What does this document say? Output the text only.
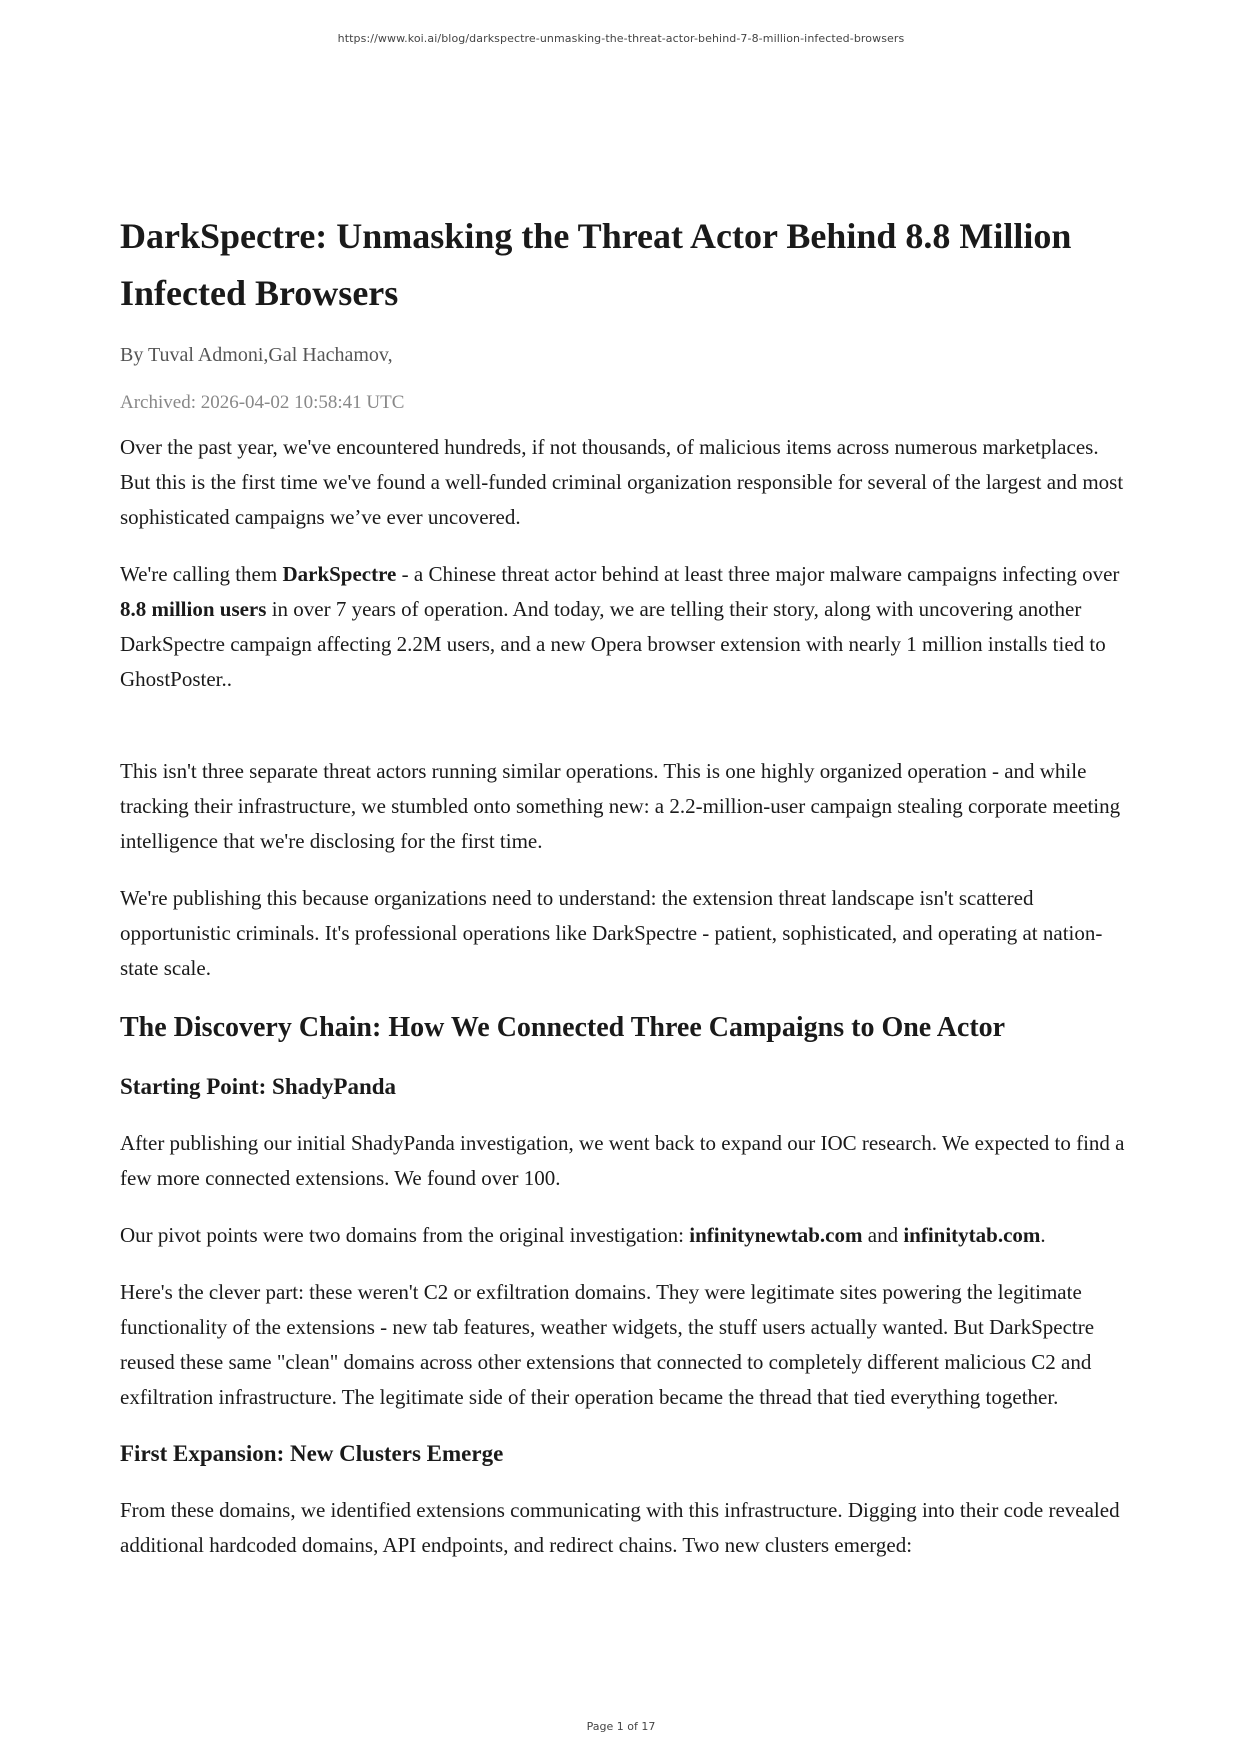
https://www.koi.ai/blog/darkspectre-unmasking-the-threat-actor-behind-7-8-million-infected-browsers
DarkSpectre: Unmasking the Threat Actor Behind 8.8 Million Infected Browsers
By Tuval Admoni,Gal Hachamov,
Archived: 2026-04-02 10:58:41 UTC

Over the past year, we've encountered hundreds, if not thousands, of malicious items across numerous marketplaces. But this is the first time we've found a well-funded criminal organization responsible for several of the largest and most sophisticated campaigns we’ve ever uncovered.

We're calling them DarkSpectre - a Chinese threat actor behind at least three major malware campaigns infecting over 8.8 million users in over 7 years of operation. And today, we are telling their story, along with uncovering another DarkSpectre campaign affecting 2.2M users, and a new Opera browser extension with nearly 1 million installs tied to GhostPoster..

This isn't three separate threat actors running similar operations. This is one highly organized operation - and while tracking their infrastructure, we stumbled onto something new: a 2.2-million-user campaign stealing corporate meeting intelligence that we're disclosing for the first time.

We're publishing this because organizations need to understand: the extension threat landscape isn't scattered opportunistic criminals. It's professional operations like DarkSpectre - patient, sophisticated, and operating at nation-state scale.

The Discovery Chain: How We Connected Three Campaigns to One Actor
Starting Point: ShadyPanda

After publishing our initial ShadyPanda investigation, we went back to expand our IOC research. We expected to find a few more connected extensions. We found over 100.

Our pivot points were two domains from the original investigation: infinitynewtab.com and infinitytab.com.

Here's the clever part: these weren't C2 or exfiltration domains. They were legitimate sites powering the legitimate functionality of the extensions - new tab features, weather widgets, the stuff users actually wanted. But DarkSpectre reused these same "clean" domains across other extensions that connected to completely different malicious C2 and exfiltration infrastructure. The legitimate side of their operation became the thread that tied everything together.

First Expansion: New Clusters Emerge

From these domains, we identified extensions communicating with this infrastructure. Digging into their code revealed additional hardcoded domains, API endpoints, and redirect chains. Two new clusters emerged:

Page 1 of 17
